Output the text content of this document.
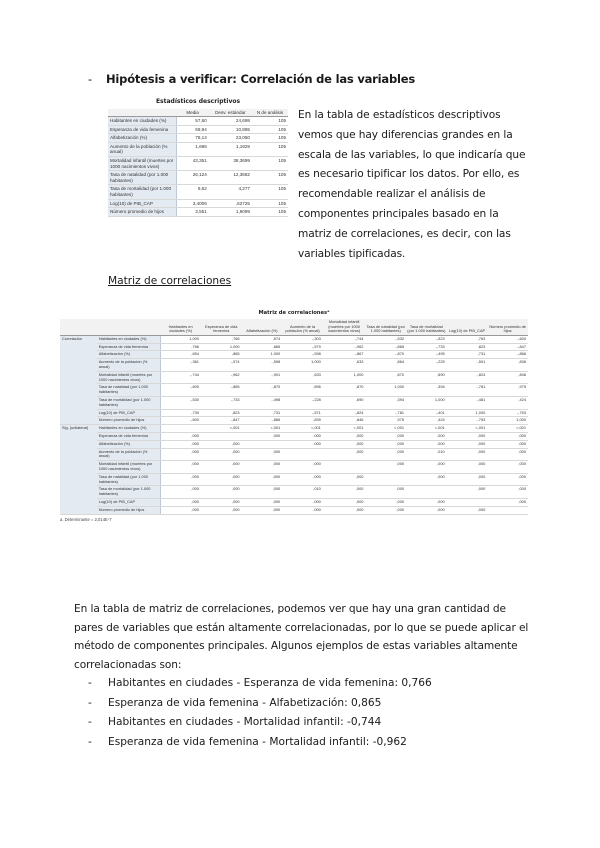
- Hipótesis a verificar: Correlación de las variables
Estadísticos descriptivos
	Media	Desv. estándar	N de análisis
Habitantes en ciudades (%)	57,60	24,698	105
Esperanza de vida femenina	69,94	10,895	105
Alfabetización (%)	78,14	23,050	105
Aumento de la población (% anual)	1,696	1,1929	105
Mortalidad infantil (muertes por 1000 nacimientos vivos)	43,351	38,3699	105
Tasa de natalidad (por 1.000 habitantes)	26,124	12,3682	105
Tasa de mortalidad (por 1.000 habitantes)	9,62	4,277	105
Log(10) de PIB_CAP	3,4006	,62725	105
Número promedio de hijos	3,551	1,9099	105
En la tabla de estadísticos descriptivos vemos que hay diferencias grandes en la escala de las variables, lo que indicaría que es necesario tipificar los datos. Por ello, es recomendable realizar el análisis de componentes principales basado en la matriz de correlaciones, es decir, con las variables tipificadas.
Matriz de correlaciones
Matriz de correlacionesᵃ
		Habitantes en ciudades (%)	Esperanza de vida femenina	Alfabetización (%)	Aumento de la población (% anual)	Mortalidad infantil (muertes por 1000 nacimientos vivos)	Tasa de natalidad (por 1.000 habitantes)	Tasa de mortalidad (por 1.000 habitantes)	Log(10) de PIB_CAP	Número promedio de hijos
Correlación	Habitantes en ciudades (%)	1,000	,766	,574	-,303	-,744	-,532	-,523	,763	-,600
	Esperanza de vida femenina	,766	1,000	,865	-,579	-,962	-,865	-,733	,823	-,847
	Alfabetización (%)	,654	,865	1,000	-,598	-,867	-,870	-,495	,731	-,866
	Aumento de la población (% anual)	-,361	-,574	-,598	1,000	,633	,864	-,225	-,501	,836
	Mortalidad infantil (muertes por 1000 nacimientos vivos)	-,744	-,962	-,901	,633	1,000	,870	,690	-,824	,846
	Tasa de natalidad (por 1.000 habitantes)	-,609	-,865	-,870	,896	,870	1,000	,394	-,781	,975
	Tasa de mortalidad (por 1.000 habitantes)	-,530	-,733	-,498	-,228	,690	,394	1,000	-,481	,424
	Log(10) de PIB_CAP	,730	,823	,731	-,571	-,824	-,781	-,401	1,000	-,753
	Número promedio de hijos	-,600	-,847	-,866	,839	,846	,975	,424	-,753	1,000
Sig. (unilateral)	Habitantes en ciudades (%)		<,001	<,001	<,001	<,001	<,001	<,001	<,001	<,001
	Esperanza de vida femenina	,000		,000	,000	,000	,000	,000	,000	,000
	Alfabetización (%)	,000	,000		,000	,000	,000	,000	,000	,000
	Aumento de la población (% anual)	,000	,000	,000		,000	,000	,010	,000	,000
	Mortalidad infantil (muertes por 1000 nacimientos vivos)	,000	,000	,000	,000		,000	,000	,000	,000
	Tasa de natalidad (por 1.000 habitantes)	,000	,000	,000	,000	,000		,000	,000	,000
	Tasa de mortalidad (por 1.000 habitantes)	,000	,000	,000	,010	,000	,000		,000	,000
	Log(10) de PIB_CAP	,000	,000	,000	,000	,000	,000	,000		,000
	Número promedio de hijos	,000	,000	,000	,000	,000	,000	,000	,000	
a. Determinante = 2,014E-7
En la tabla de matriz de correlaciones, podemos ver que hay una gran cantidad de pares de variables que están altamente correlacionadas, por lo que se puede aplicar el método de componentes principales. Algunos ejemplos de estas variables altamente correlacionadas son:
- Habitantes en ciudades - Esperanza de vida femenina: 0,766
- Esperanza de vida femenina - Alfabetización: 0,865
- Habitantes en ciudades - Mortalidad infantil: -0,744
- Esperanza de vida femenina - Mortalidad infantil: -0,962
